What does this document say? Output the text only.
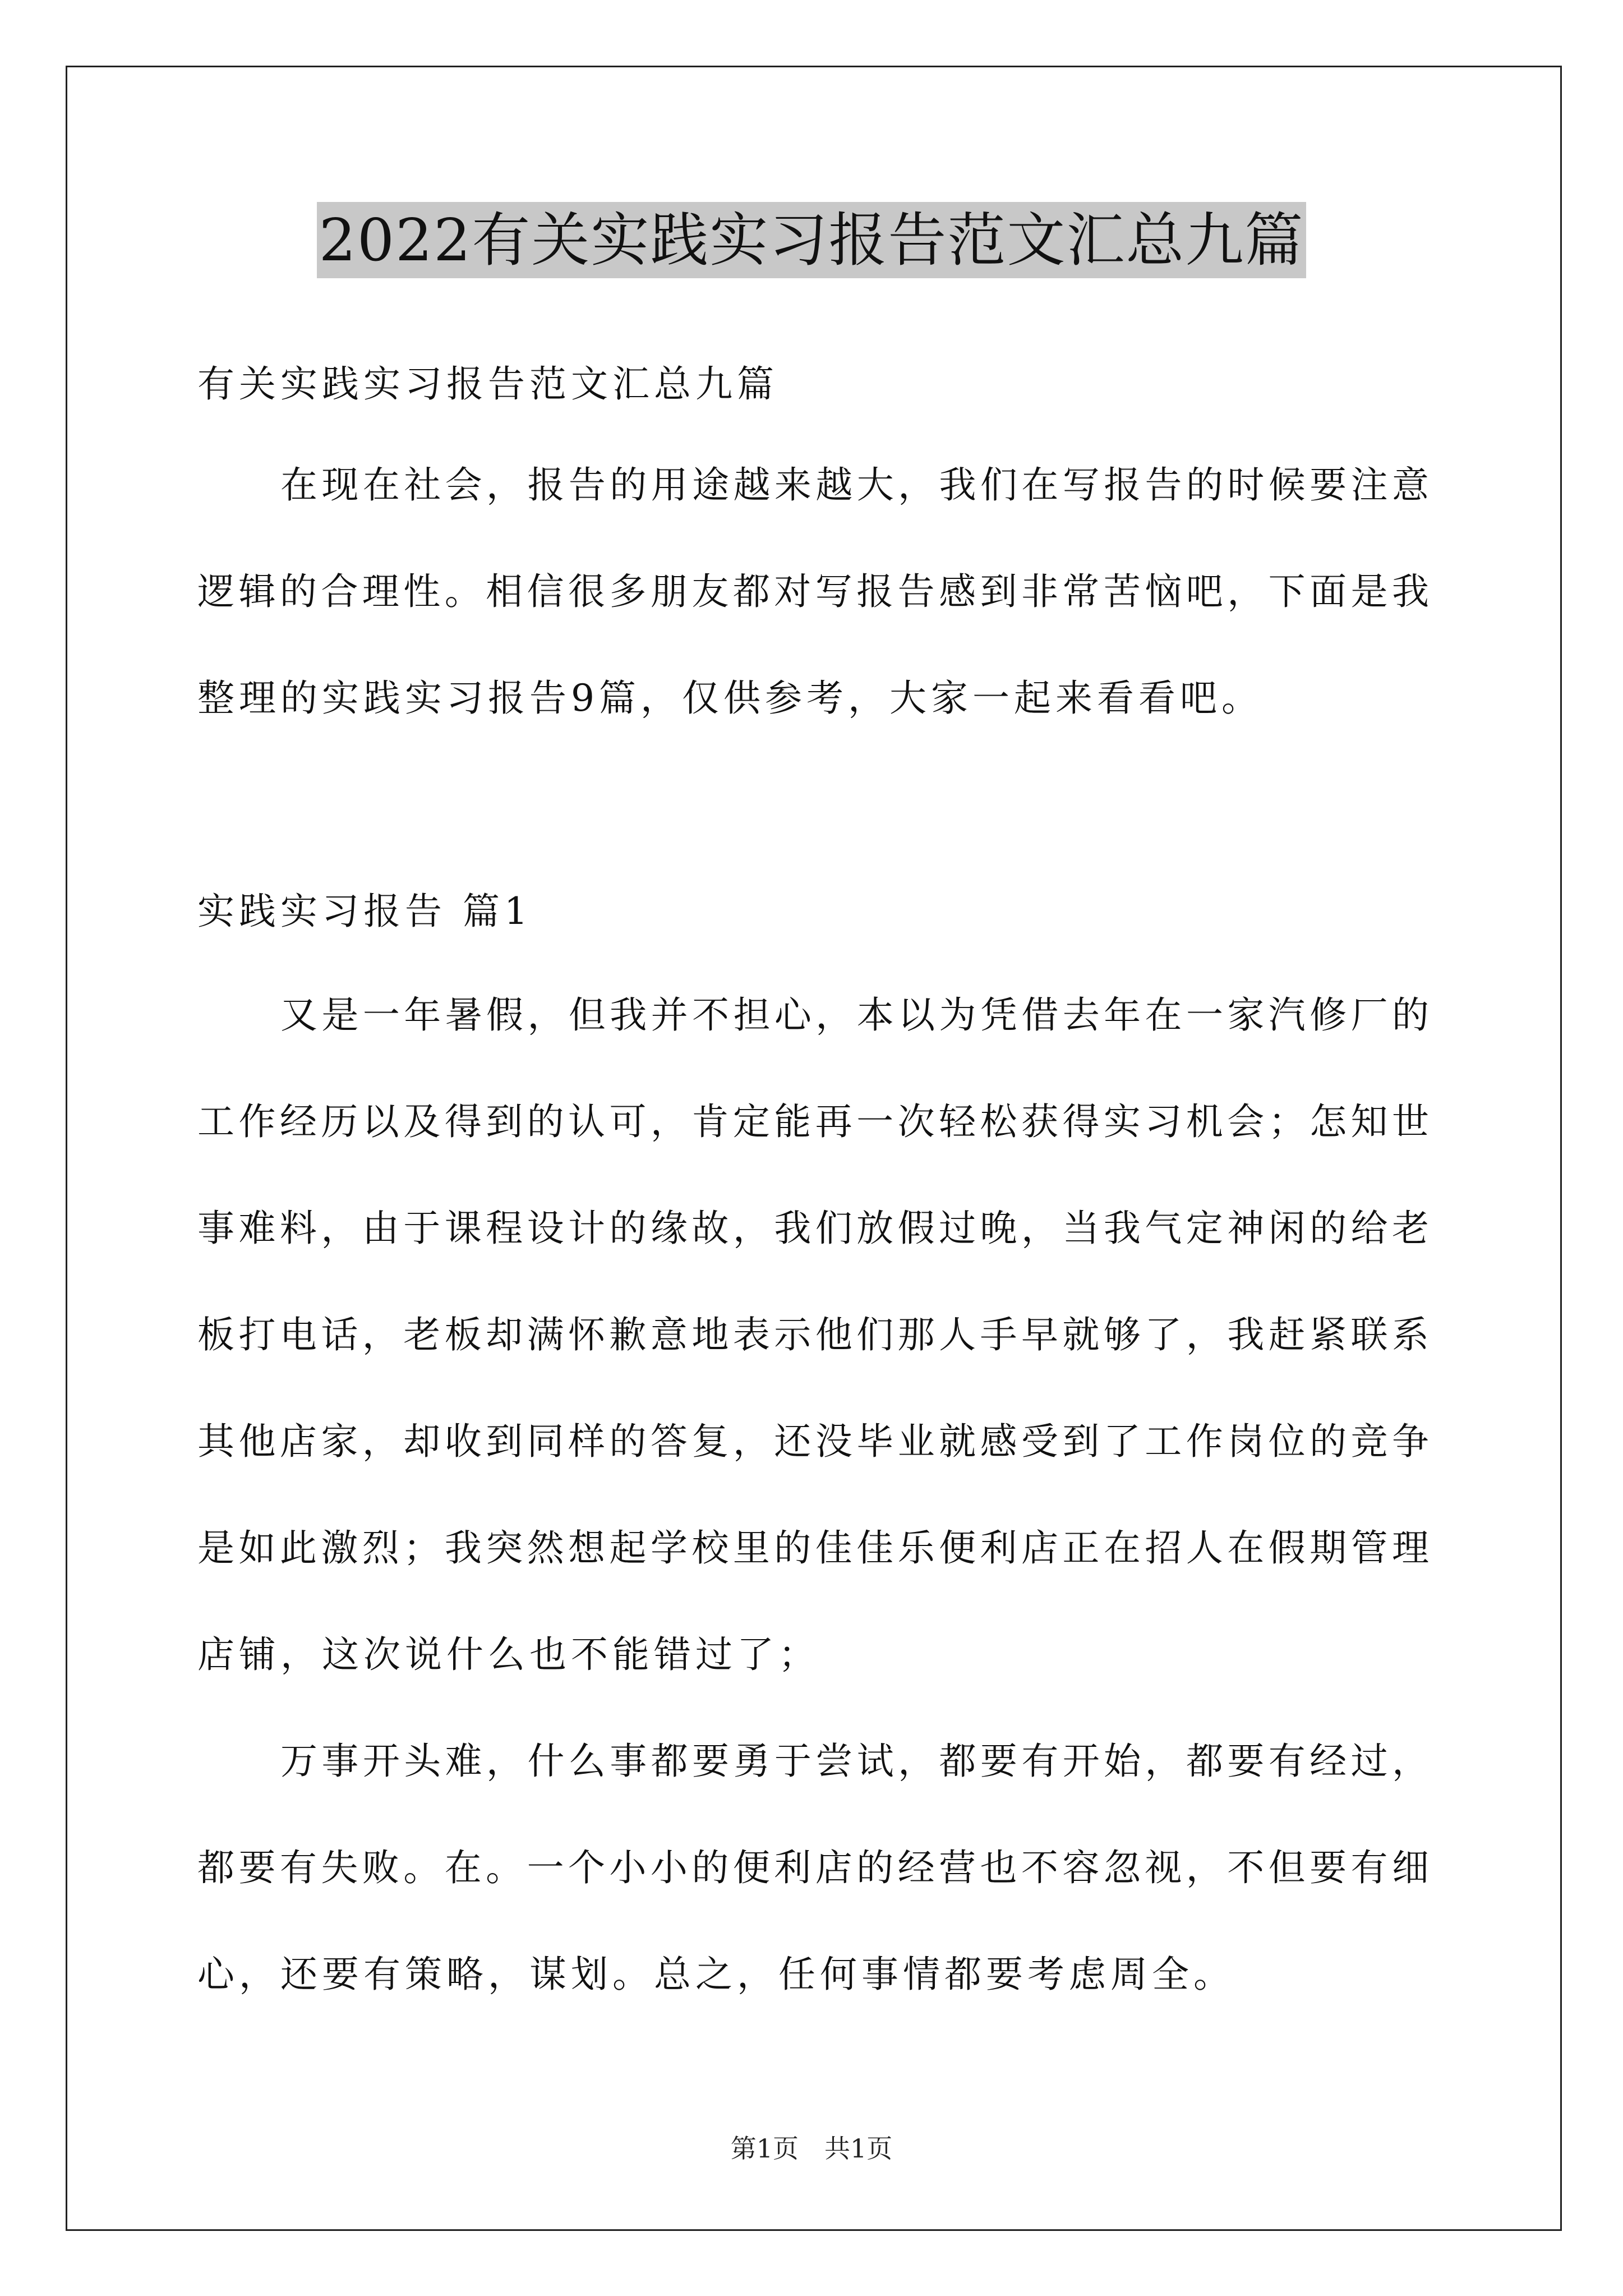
2022有关实践实习报告范文汇总九篇
有关实践实习报告范文汇总九篇
在现在社会，报告的用途越来越大，我们在写报告的时候要注意
逻辑的合理性。相信很多朋友都对写报告感到非常苦恼吧，下面是我
整理的实践实习报告9篇，仅供参考，大家一起来看看吧。
实践实习报告 篇1
又是一年暑假，但我并不担心，本以为凭借去年在一家汽修厂的
工作经历以及得到的认可，肯定能再一次轻松获得实习机会；怎知世
事难料，由于课程设计的缘故，我们放假过晚，当我气定神闲的给老
板打电话，老板却满怀歉意地表示他们那人手早就够了，我赶紧联系
其他店家，却收到同样的答复，还没毕业就感受到了工作岗位的竞争
是如此激烈；我突然想起学校里的佳佳乐便利店正在招人在假期管理
店铺，这次说什么也不能错过了；
万事开头难，什么事都要勇于尝试，都要有开始，都要有经过，
都要有失败。在。一个小小的便利店的经营也不容忽视，不但要有细
心，还要有策略，谋划。总之，任何事情都要考虑周全。
第1页 共1页
